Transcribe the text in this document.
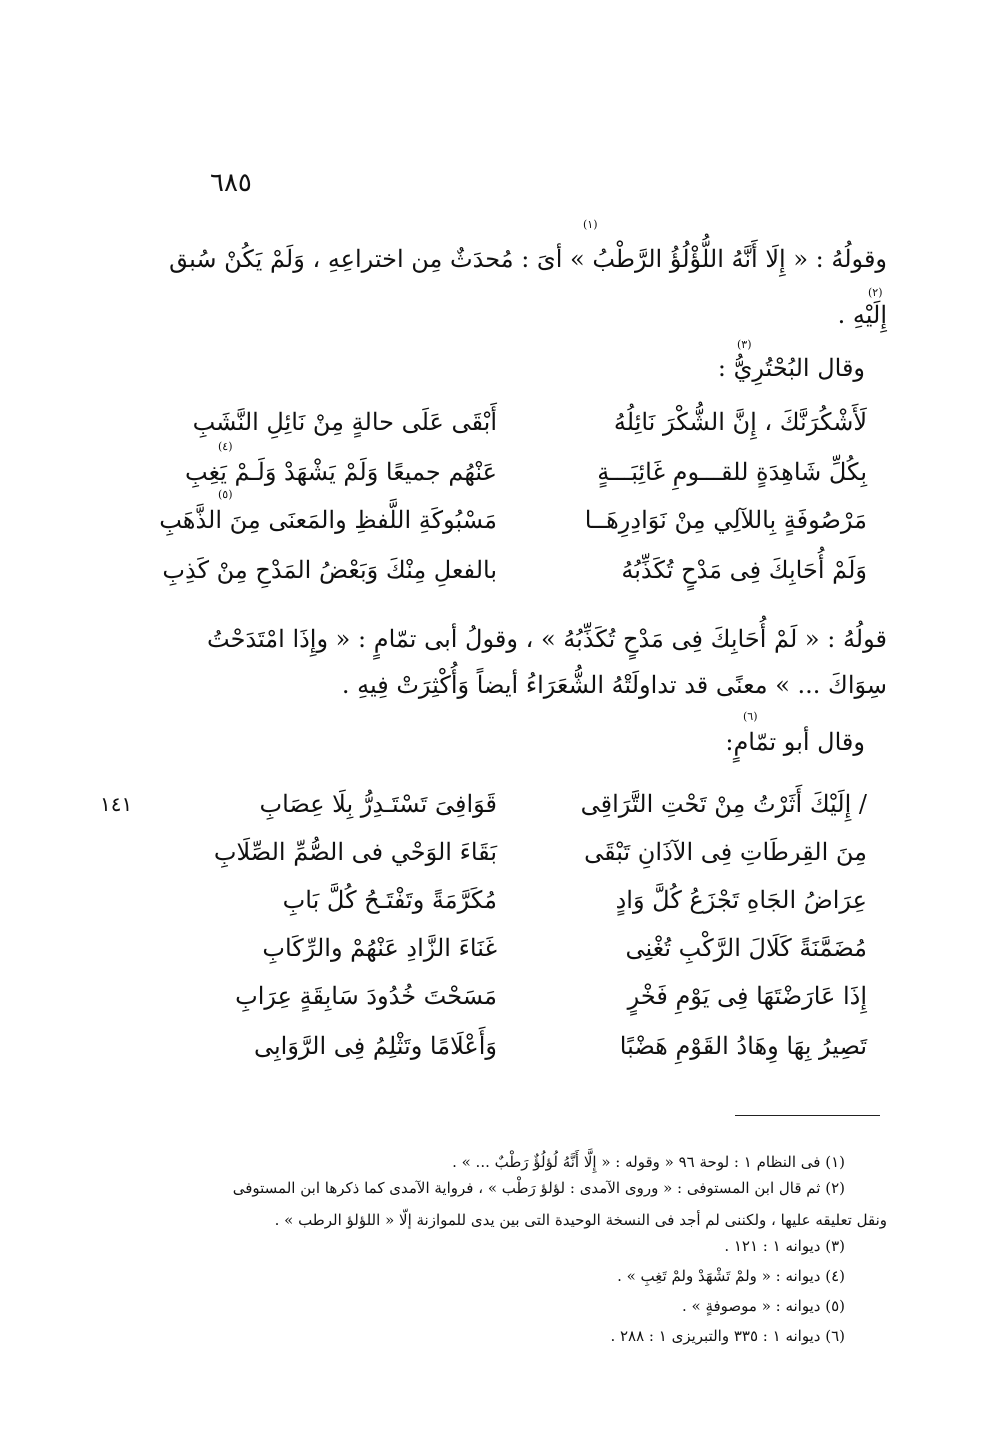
٦٨٥
(١)
وقولُهُ : « إِلَا أَنَّهُ اللُّؤْلُؤُ الرَّطْبُ » أىَ : مُحدَثٌ مِن اختراعِهِ ، وَلَمْ يَكُنْ سُبق
(٢)
إِلَيْهِ .
(٣)
وقال البُحْتُرِيُّ :
لَأَشْكُرَنَّكَ ، إِنَّ الشُّكْرَ نَائِلُهُ
أَبْقَى عَلَى حالةٍ مِنْ نَائِلِ النَّشَبِ
(٤)
بِكُلِّ شَاهِدَةٍ للقـــومِ غَائِبَـــةٍ
عَنْهُم جميعًا وَلَمْ يَشْهَدْ وَلَـمْ يَغِبِ
(٥)
مَرْصُوفَةٍ بِاللآلِي مِنْ نَوَادِرِهَــا
مَسْبُوكَةِ اللَّفظِ والمَعنَى مِنَ الذَّهَبِ
وَلَمْ أُحَابِكَ فِى مَدْحٍ تُكَذِّبُهُ
بالفعلِ مِنْكَ وَبَعْضُ المَدْحِ مِنْ كَذِبِ
قولُهُ : « لَمْ أُحَابِكَ فِى مَدْحٍ تُكَذِّبُهُ » ، وقولُ أبى تمّامٍ : « وإِذَا امْتَدَحْتُ
سِوَاكَ ... » معنًى قد تداولَتْهُ الشُّعَرَاءُ أيضاً وَأُكْثِرَتْ فِيهِ .
(٦)
وقال أبو تمّامٍ:
١٤١	/ إِلَيْكَ أَثَرْتُ مِنْ تَحْتِ التَّرَاقِى
قَوَافِىَ تَسْتَـدِرُّ بِلَا عِصَابِ
مِنَ القِرطَاتِ فِى الآذَانِ تَبْقَى
بَقَاءَ الوَحْي فى الصُّمِّ الصِّلَابِ
عِرَاضُ الجَاهِ تَجْزَعُ كُلَّ وَادٍ
مُكَرَّمَةً وتَفْتَـحُ كُلَّ بَابِ
مُضَمَّنَةً كَلَالَ الرَّكْبِ تُغْنِى
غَنَاءَ الزَّادِ عَنْهُمْ والرِّكَابِ
إِذَا عَارَضْتَهَا فِى يَوْمِ فَخْرٍ
مَسَحْتَ خُدُودَ سَابِقَةٍ عِرَابِ
تَصِيرُ بِهَا وِهَادُ القَوْمِ هَضْبًا
وَأَعْلَامًا وتَثْلِمُ فِى الرَّوَابِى
(١) فى النظام ١ : لوحة ٩٦ « وقوله : « إِلَّا أَنَّهُ لُؤلُؤٌ رَطْبٌ ... » .
(٢) ثم قال ابن المستوفى : « وروى الآمدى : لؤلؤ رَطْب » ، فرواية الآمدى كما ذكرها ابن المستوفى
ونقل تعليقه عليها ، ولكننى لم أجد فى النسخة الوحيدة التى بين يدى للموازنة إلّا « اللؤلؤ الرطب » .
(٣) ديوانه ١ : ١٢١ .
(٤) ديوانه : « ولمْ تَشْهَدْ ولمْ تَغِبِ » .
(٥) ديوانه : « موصوفةٍ » .
(٦) ديوانه ١ : ٣٣٥ والتبريزى ١ : ٢٨٨ .
